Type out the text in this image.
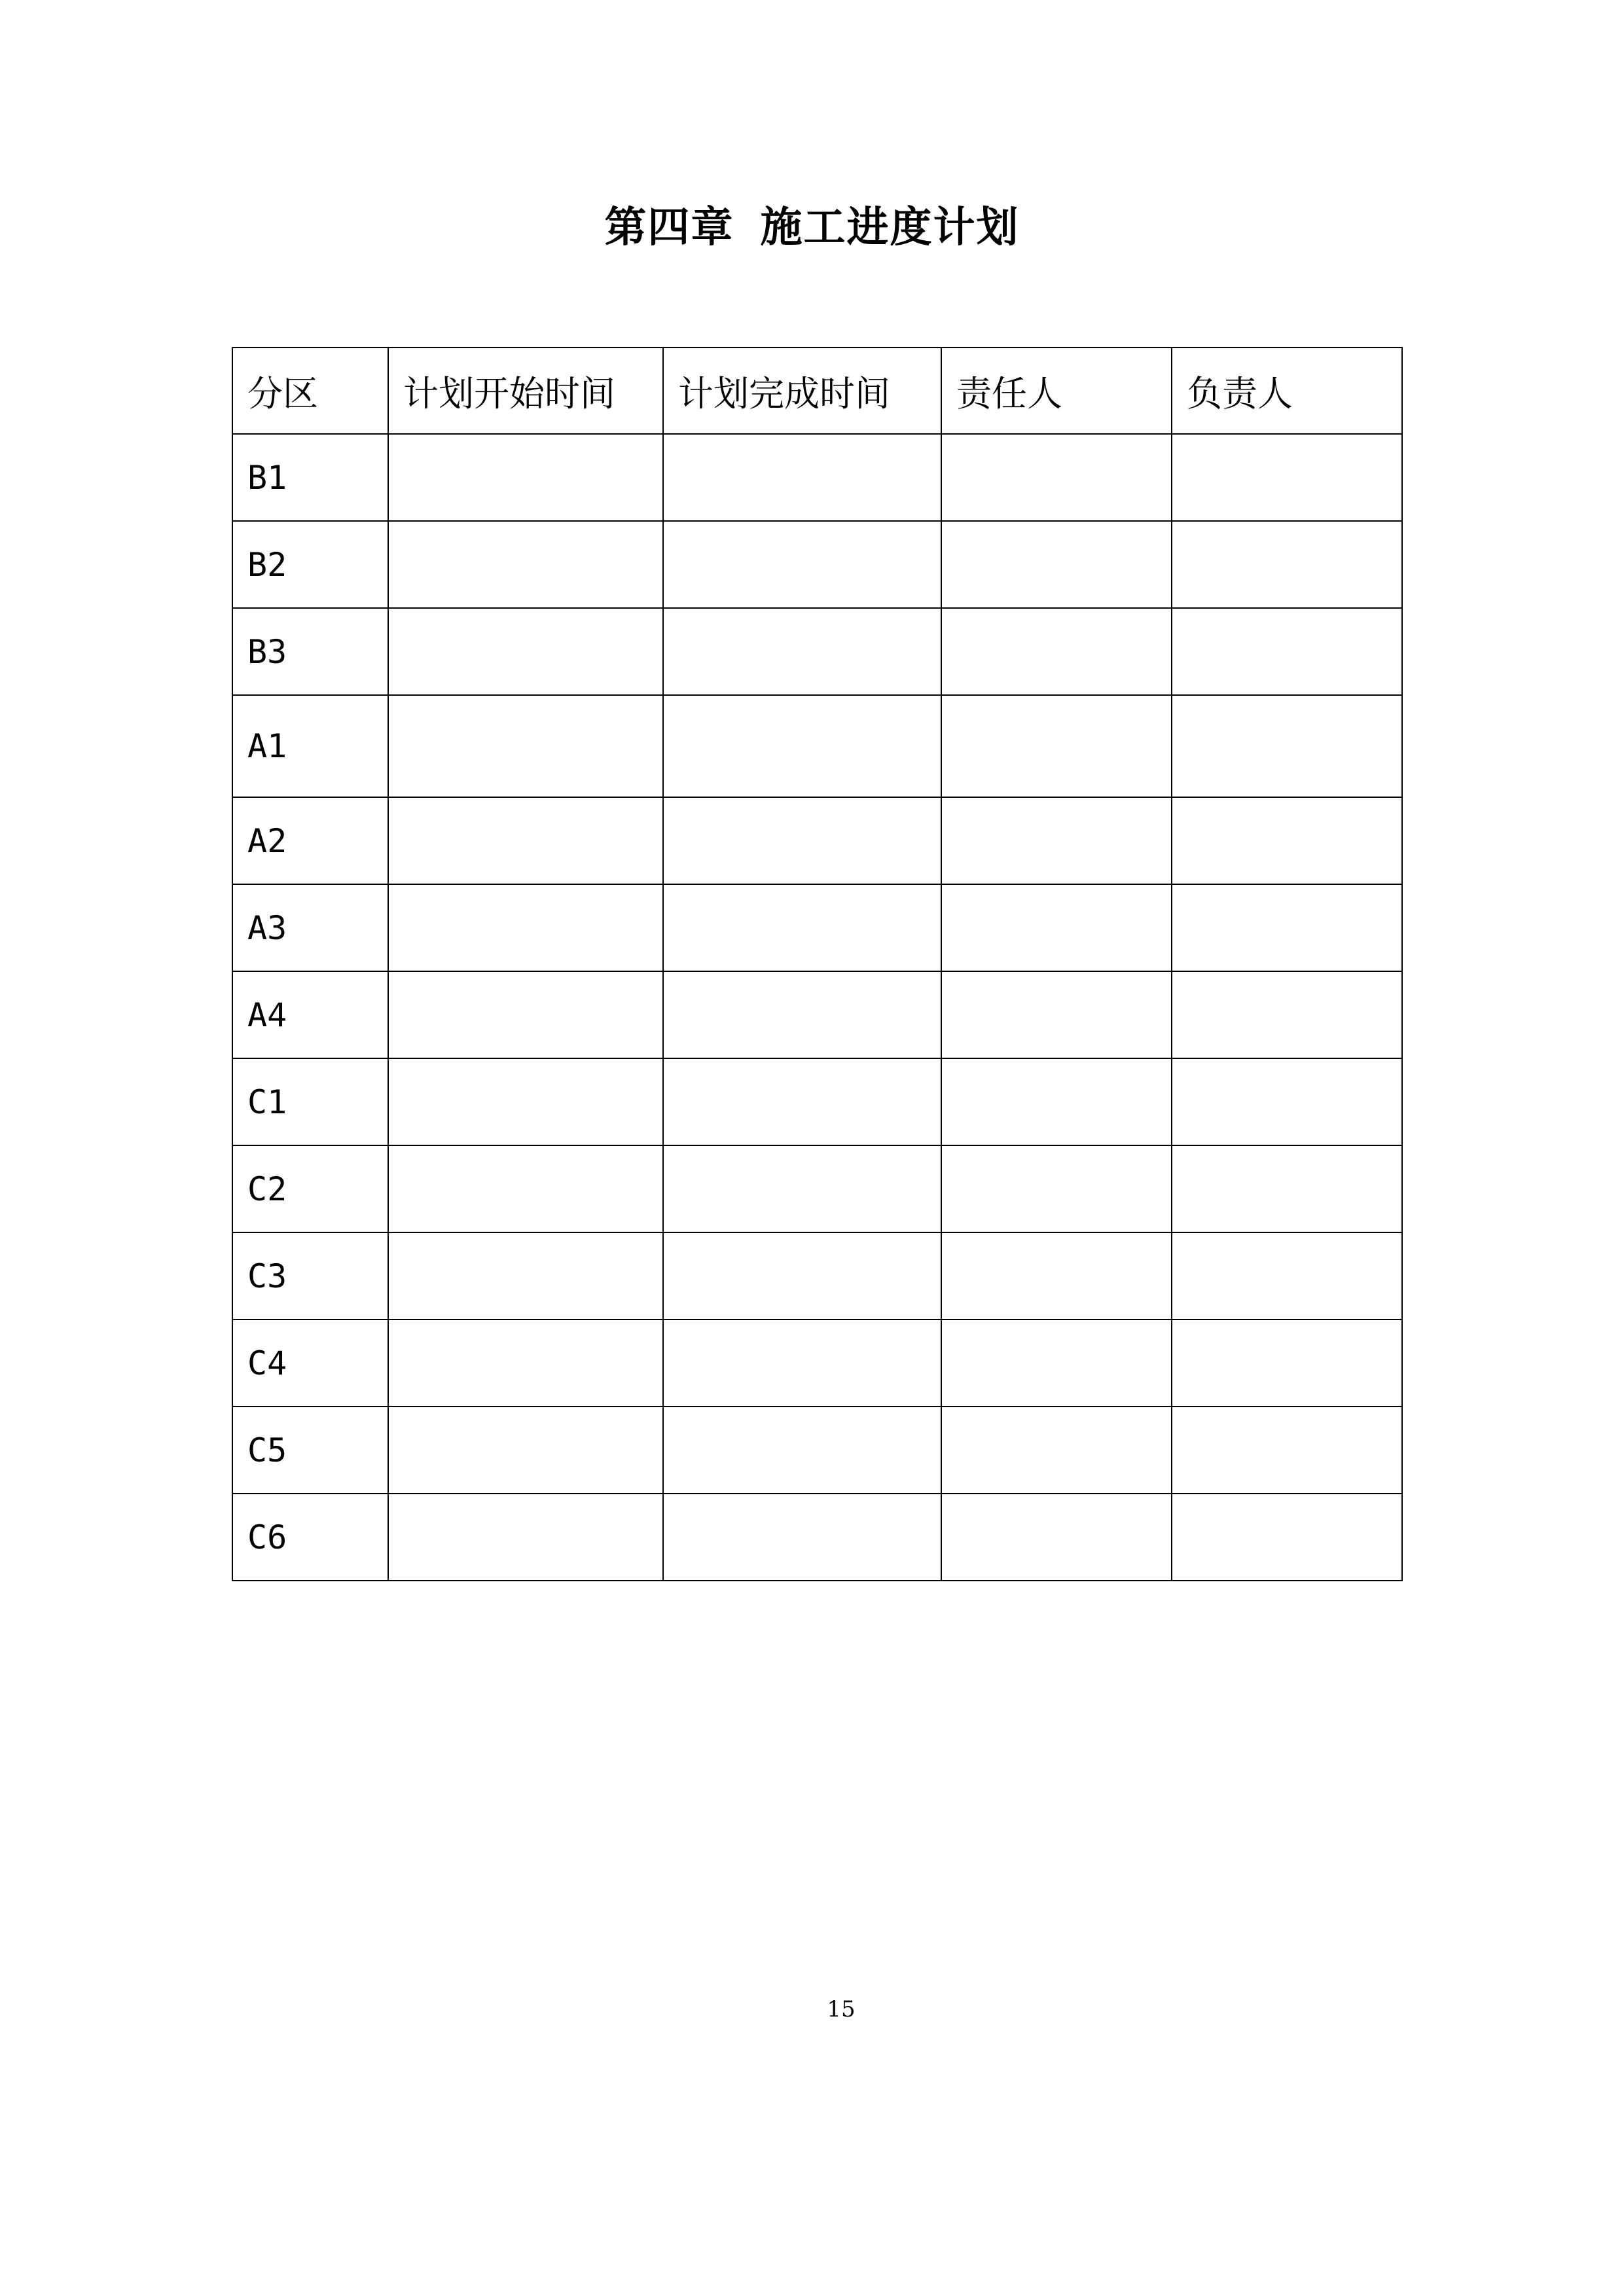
第四章 施工进度计划
分区	计划开始时间	计划完成时间	责任人	负责人
B1				
B2				
B3				
A1				
A2				
A3				
A4				
C1				
C2				
C3				
C4				
C5				
C6				
15
